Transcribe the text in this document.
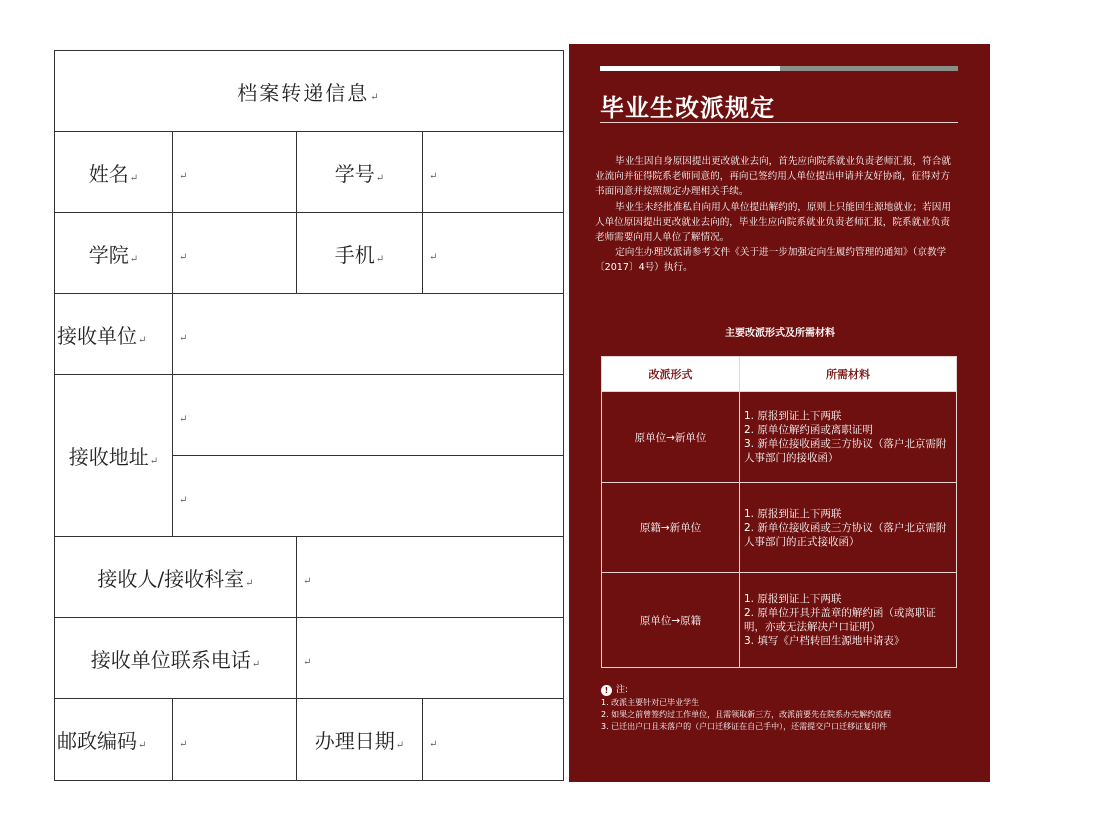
档案转递信息↵			
姓名↵	↵	学号↵	↵
学院↵	↵	手机↵	↵
接收单位↵	↵		
接收地址↵	↵		
	↵		
接收人/接收科室↵		↵	
接收单位联系电话↵		↵	
邮政编码↵	↵	办理日期↵	↵
毕业生改派规定

毕业生因自身原因提出更改就业去向，首先应向院系就业负责老师汇报，符合就业流向并征得院系老师同意的，再向已签约用人单位提出申请并友好协商，征得对方书面同意并按照规定办理相关手续。

毕业生未经批准私自向用人单位提出解约的，原则上只能回生源地就业；若因用人单位原因提出更改就业去向的，毕业生应向院系就业负责老师汇报，院系就业负责老师需要向用人单位了解情况。

定向生办理改派请参考文件《关于进一步加强定向生履约管理的通知》（京教学〔2017〕4号）执行。

主要改派形式及所需材料
改派形式	所需材料
原单位→新单位	1. 原报到证上下两联
2. 原单位解约函或离职证明
3. 新单位接收函或三方协议（落户北京需附人事部门的接收函）

原籍→新单位	1. 原报到证上下两联
2. 新单位接收函或三方协议（落户北京需附人事部门的正式接收函）

原单位→原籍	1. 原报到证上下两联
2. 原单位开具并盖章的解约函（或离职证明，亦或无法解决户口证明）
3. 填写《户档转回生源地申请表》
! 注:
1. 改派主要针对已毕业学生
2. 如果之前曾签约过工作单位，且需领取新三方，改派前要先在院系办完解约流程
3. 已迁出户口且未落户的（户口迁移证在自己手中），还需提交户口迁移证复印件
